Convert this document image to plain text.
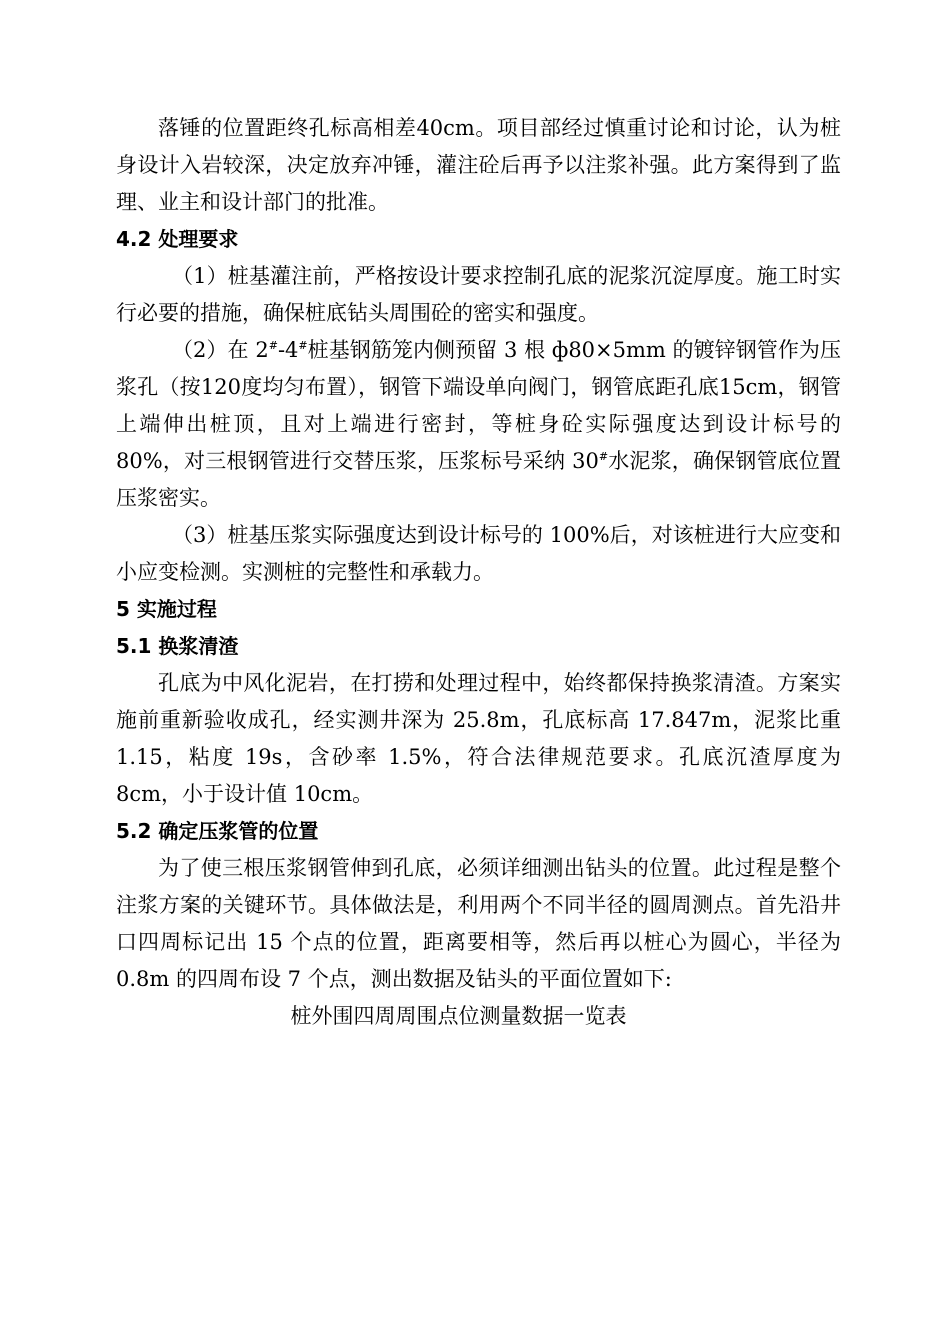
落锤的位置距终孔标高相差40cm。项目部经过慎重讨论和讨论，认为桩身设计入岩较深，决定放弃冲锤，灌注砼后再予以注浆补强。此方案得到了监理、业主和设计部门的批准。

4.2 处理要求

（1）桩基灌注前，严格按设计要求控制孔底的泥浆沉淀厚度。施工时实行必要的措施，确保桩底钻头周围砼的密实和强度。

（2）在 2#-4#桩基钢筋笼内侧预留 3 根 ф80×5mm 的镀锌钢管作为压浆孔（按120度均匀布置），钢管下端设单向阀门，钢管底距孔底15cm，钢管上端伸出桩顶，且对上端进行密封，等桩身砼实际强度达到设计标号的 80%，对三根钢管进行交替压浆，压浆标号采纳 30#水泥浆，确保钢管底位置压浆密实。

（3）桩基压浆实际强度达到设计标号的 100%后，对该桩进行大应变和小应变检测。实测桩的完整性和承载力。

5 实施过程

5.1 换浆清渣

孔底为中风化泥岩，在打捞和处理过程中，始终都保持换浆清渣。方案实施前重新验收成孔，经实测井深为 25.8m，孔底标高 17.847m，泥浆比重 1.15，粘度 19s，含砂率 1.5%，符合法律规范要求。孔底沉渣厚度为 8cm，小于设计值 10cm。

5.2 确定压浆管的位置

为了使三根压浆钢管伸到孔底，必须详细测出钻头的位置。此过程是整个注浆方案的关键环节。具体做法是，利用两个不同半径的圆周测点。首先沿井口四周标记出 15 个点的位置，距离要相等，然后再以桩心为圆心，半径为 0.8m 的四周布设 7 个点，测出数据及钻头的平面位置如下:

桩外围四周周围点位测量数据一览表
